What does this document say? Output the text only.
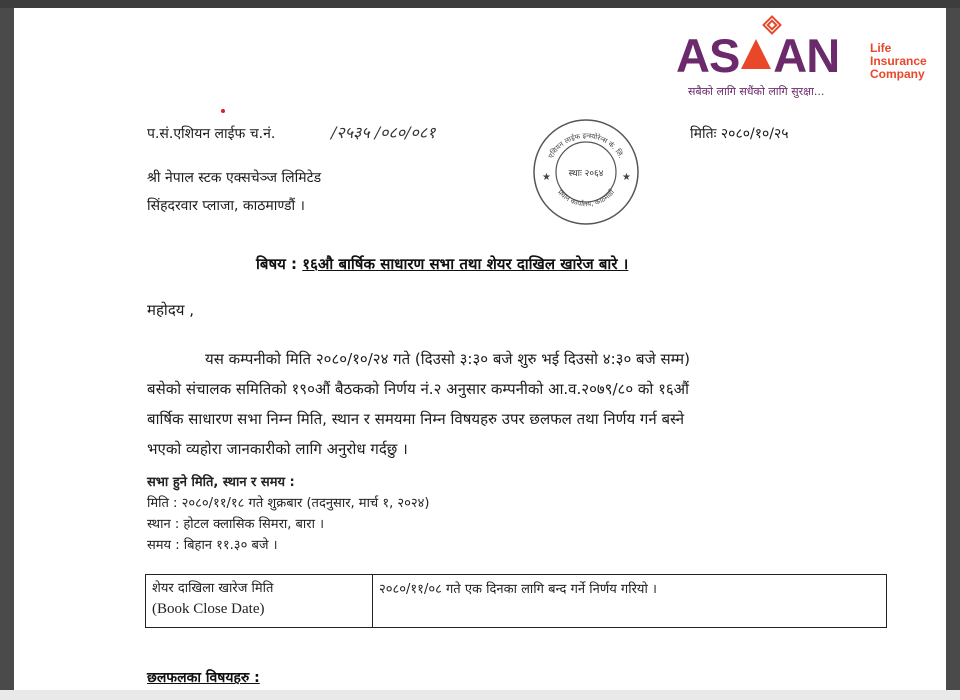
AS AN	Life
Insurance
Company
सबैको लागि सधैंको लागि सुरक्षा...
प.सं.एशियन लाईफ च.नं.	/२५३५ /०८०/०८१	मितिः २०८०/१०/२५
श्री नेपाल स्टक एक्सचेञ्ज लिमिटेड
सिंहदरवार प्लाजा, काठमाण्डौं ।
एशियन लाईफ इन्स्योरेन्स कं. लि.
प्रधान कार्यालय, काठमाडौं
स्थाः २०६४
★	★
बिषय : १६औ बार्षिक साधारण सभा तथा शेयर दाखिल खारेज बारे ।
महोदय ,
यस कम्पनीको मिति २०८०/१०/२४ गते (दिउसो ३:३० बजे शुरु भई दिउसो ४:३० बजे सम्म)
बसेको संचालक समितिको १९०औं बैठकको निर्णय नं.२ अनुसार कम्पनीको आ.व.२०७९/८० को १६औं
बार्षिक साधारण सभा निम्न मिति, स्थान र समयमा निम्न विषयहरु उपर छलफल तथा निर्णय गर्न बस्ने
भएको व्यहोरा जानकारीको लागि अनुरोध गर्दछु ।
सभा हुने मिति, स्थान र समय :
मिति : २०८०/११/१८ गते शुक्रबार (तदनुसार, मार्च १, २०२४)
स्थान : होटल क्लासिक सिमरा, बारा ।
समय : बिहान ११.३० बजे ।
शेयर दाखिला खारेज मिति
(Book Close Date)
	२०८०/११/०८ गते एक दिनका लागि बन्द गर्ने निर्णय गरियो ।
छलफलका विषयहरु :
